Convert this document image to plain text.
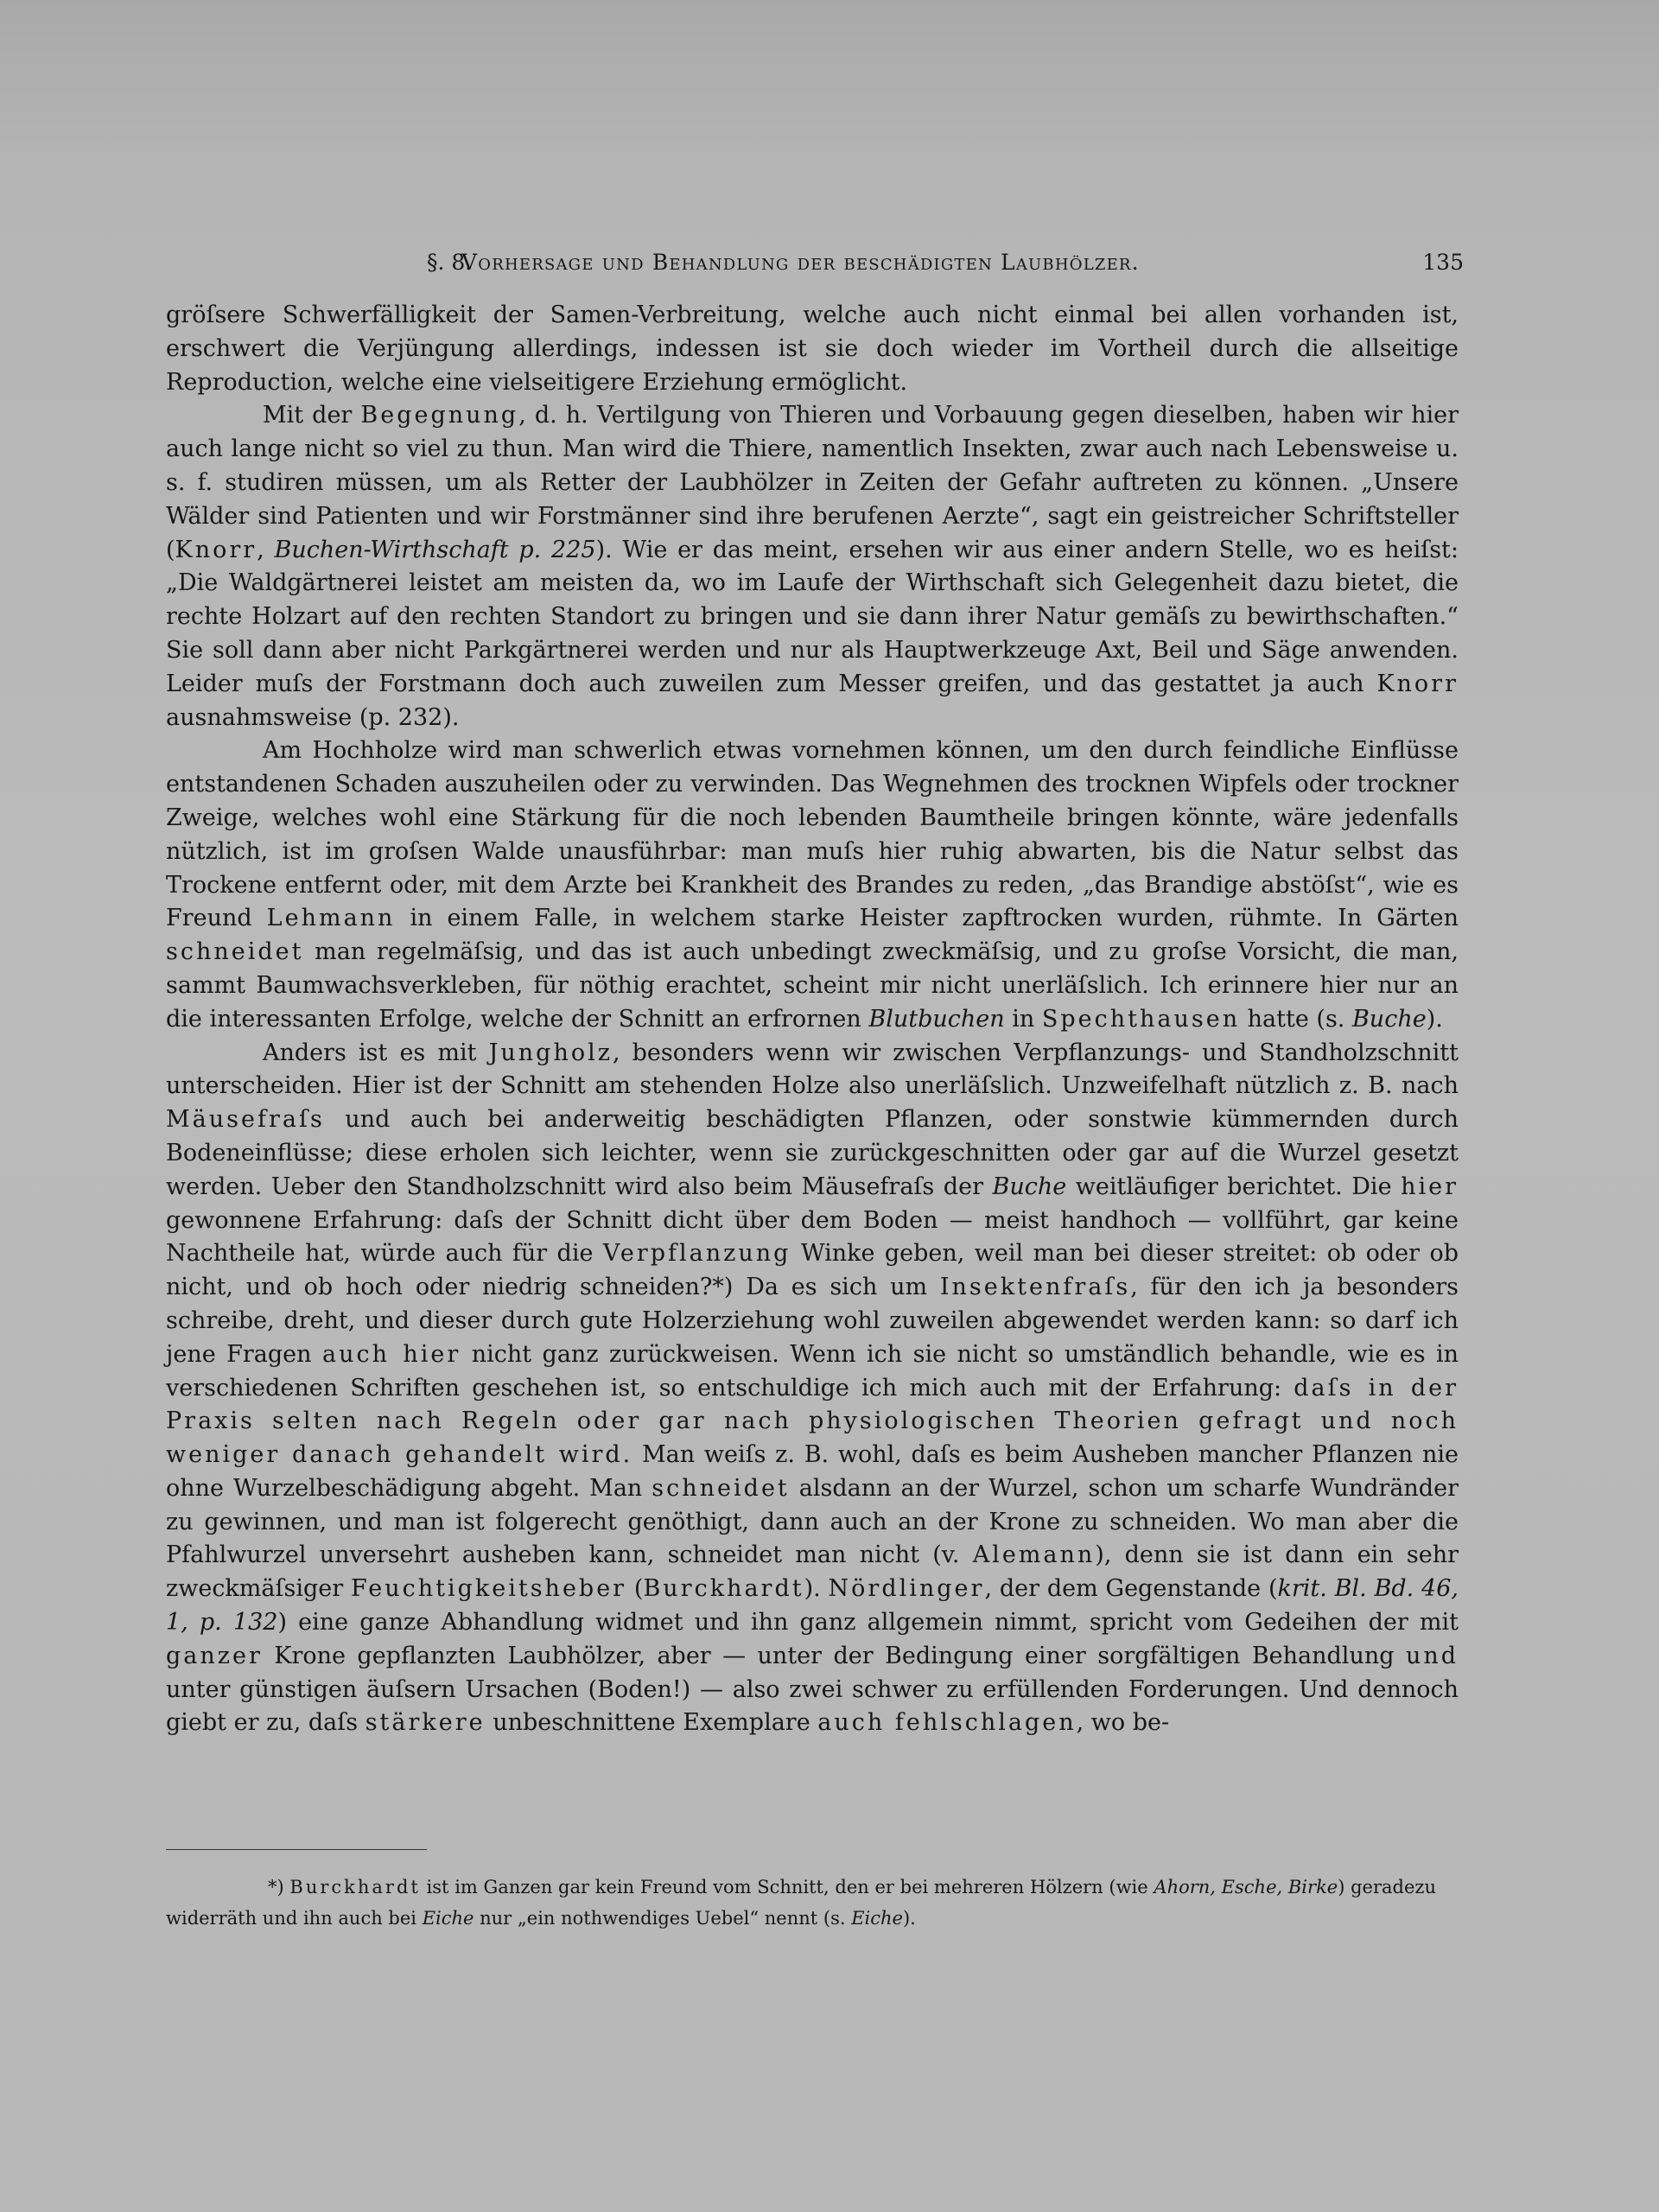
§. 8.
Vorhersage und Behandlung der beschädigten Laubhölzer.	135

gröſsere Schwerfälligkeit der Samen-Verbreitung, welche auch nicht einmal bei allen vorhanden ist, erschwert die Verjüngung allerdings, indessen ist sie doch wieder im Vortheil durch die allseitige Reproduction, welche eine vielseitigere Erziehung ermöglicht.

Mit der Begegnung, d. h. Vertilgung von Thieren und Vorbauung gegen dieselben, haben wir hier auch lange nicht so viel zu thun. Man wird die Thiere, namentlich Insekten, zwar auch nach Lebensweise u. s. f. studiren müssen, um als Retter der Laubhölzer in Zeiten der Gefahr auftreten zu können. „Unsere Wälder sind Patienten und wir Forstmänner sind ihre berufenen Aerzte“, sagt ein geistreicher Schriftsteller (Knorr, Buchen-Wirthschaft p. 225). Wie er das meint, ersehen wir aus einer andern Stelle, wo es heiſst: „Die Waldgärtnerei leistet am meisten da, wo im Laufe der Wirthschaft sich Gelegenheit dazu bietet, die rechte Holzart auf den rechten Standort zu bringen und sie dann ihrer Natur gemäſs zu bewirthschaften.“ Sie soll dann aber nicht Parkgärtnerei werden und nur als Hauptwerkzeuge Axt, Beil und Säge anwenden. Leider muſs der Forstmann doch auch zuweilen zum Messer greifen, und das gestattet ja auch Knorr ausnahmsweise (p. 232).

Am Hochholze wird man schwerlich etwas vornehmen können, um den durch feindliche Einflüsse entstandenen Schaden auszuheilen oder zu verwinden. Das Wegnehmen des trocknen Wipfels oder trockner Zweige, welches wohl eine Stärkung für die noch lebenden Baumtheile bringen könnte, wäre jedenfalls nützlich, ist im groſsen Walde unausführbar: man muſs hier ruhig abwarten, bis die Natur selbst das Trockene entfernt oder, mit dem Arzte bei Krankheit des Brandes zu reden, „das Brandige abstöſst“, wie es Freund Lehmann in einem Falle, in welchem starke Heister zapftrocken wurden, rühmte. In Gärten schneidet man regelmäſsig, und das ist auch unbedingt zweckmäſsig, und zu groſse Vorsicht, die man, sammt Baumwachsverkleben, für nöthig erachtet, scheint mir nicht unerläſslich. Ich erinnere hier nur an die interessanten Erfolge, welche der Schnitt an erfrornen Blutbuchen in Spechthausen hatte (s. Buche).

Anders ist es mit Jungholz, besonders wenn wir zwischen Verpflanzungs- und Standholzschnitt unterscheiden. Hier ist der Schnitt am stehenden Holze also unerläſslich. Unzweifelhaft nützlich z. B. nach Mäusefraſs und auch bei anderweitig beschädigten Pflanzen, oder sonstwie kümmernden durch Bodeneinflüsse; diese erholen sich leichter, wenn sie zurückgeschnitten oder gar auf die Wurzel gesetzt werden. Ueber den Standholzschnitt wird also beim Mäusefraſs der Buche weitläufiger berichtet. Die hier gewonnene Erfahrung: daſs der Schnitt dicht über dem Boden — meist handhoch — vollführt, gar keine Nachtheile hat, würde auch für die Verpflanzung Winke geben, weil man bei dieser streitet: ob oder ob nicht, und ob hoch oder niedrig schneiden?*) Da es sich um Insektenfraſs, für den ich ja besonders schreibe, dreht, und dieser durch gute Holzerziehung wohl zuweilen abgewendet werden kann: so darf ich jene Fragen auch hier nicht ganz zurückweisen. Wenn ich sie nicht so umständlich behandle, wie es in verschiedenen Schriften geschehen ist, so entschuldige ich mich auch mit der Erfahrung: daſs in der Praxis selten nach Regeln oder gar nach physiologischen Theorien gefragt und noch weniger danach gehandelt wird. Man weiſs z. B. wohl, daſs es beim Ausheben mancher Pflanzen nie ohne Wurzelbeschädigung abgeht. Man schneidet alsdann an der Wurzel, schon um scharfe Wundränder zu gewinnen, und man ist folgerecht genöthigt, dann auch an der Krone zu schneiden. Wo man aber die Pfahlwurzel unversehrt ausheben kann, schneidet man nicht (v. Alemann), denn sie ist dann ein sehr zweckmäſsiger Feuchtigkeitsheber (Burckhardt). Nördlinger, der dem Gegenstande (krit. Bl. Bd. 46, 1, p. 132) eine ganze Abhandlung widmet und ihn ganz allgemein nimmt, spricht vom Gedeihen der mit ganzer Krone gepflanzten Laubhölzer, aber — unter der Bedingung einer sorgfältigen Behandlung und unter günstigen äuſsern Ursachen (Boden!) — also zwei schwer zu erfüllenden Forderungen. Und dennoch giebt er zu, daſs stärkere unbeschnittene Exemplare auch fehlschlagen, wo be-

*) Burckhardt ist im Ganzen gar kein Freund vom Schnitt, den er bei mehreren Hölzern (wie Ahorn, Esche, Birke) geradezu widerräth und ihn auch bei Eiche nur „ein nothwendiges Uebel“ nennt (s. Eiche).
